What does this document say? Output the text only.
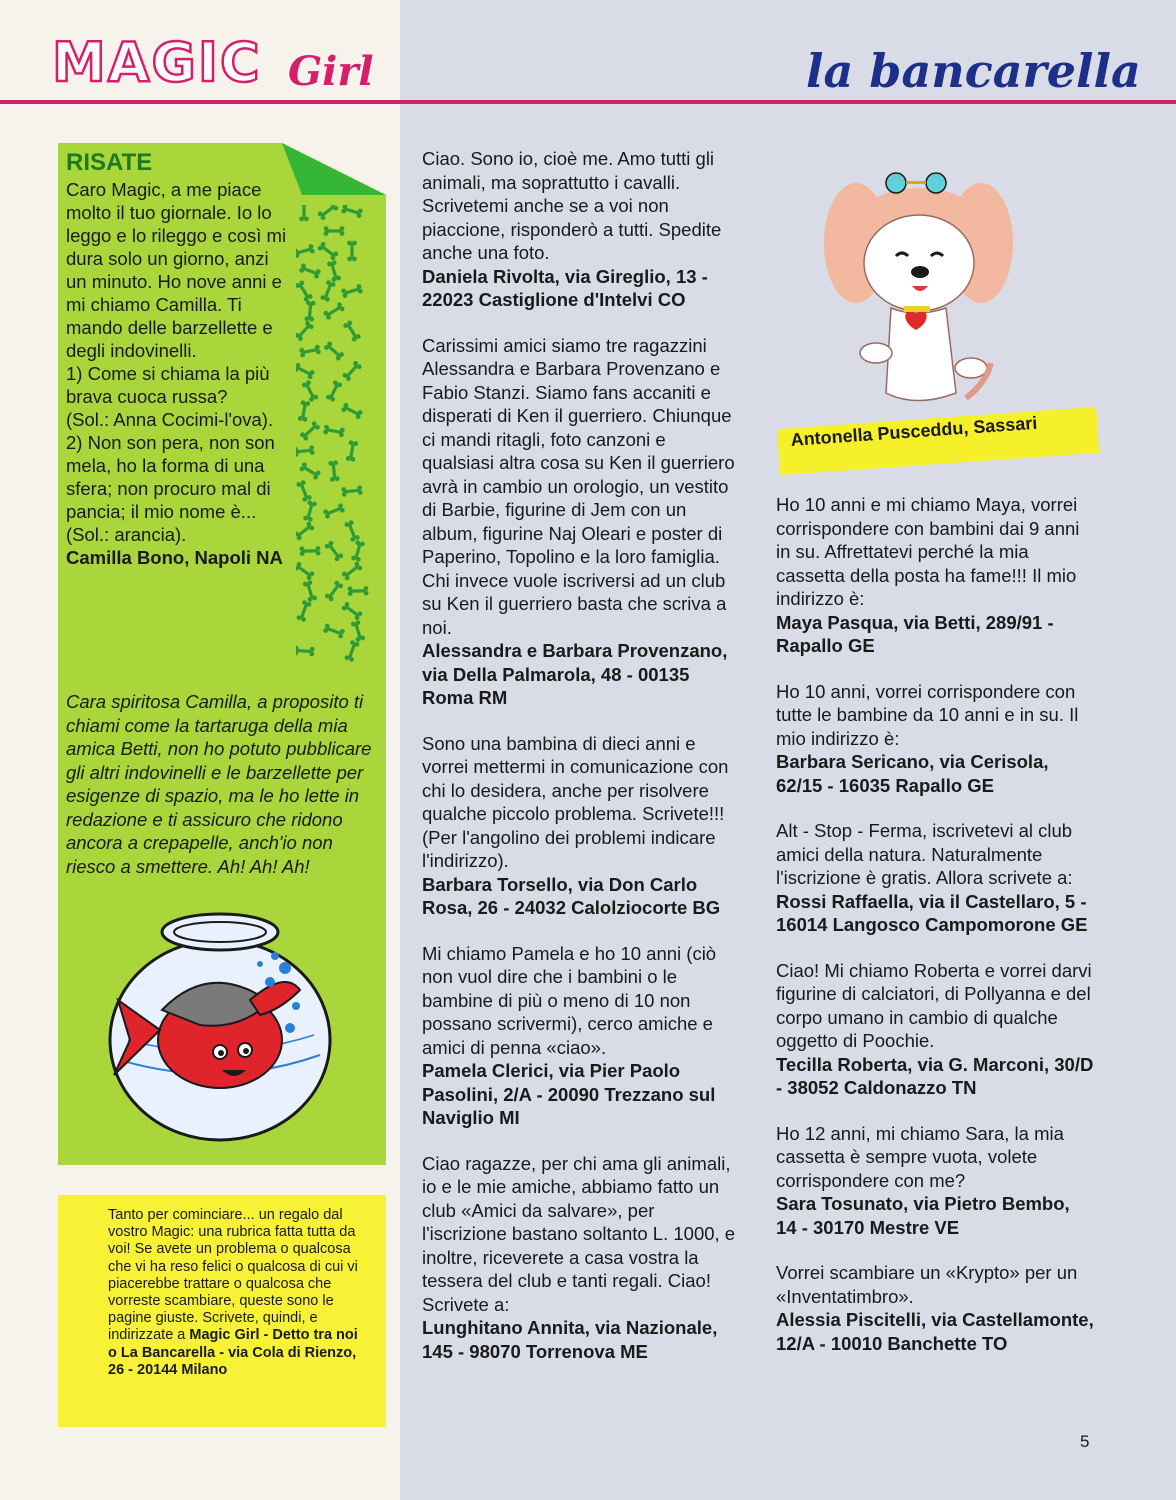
MAGIC Girl	la bancarella

RISATE

Caro Magic, a me piace molto il tuo giornale. Io lo leggo e lo rileggo e così mi dura solo un giorno, anzi un minuto. Ho nove anni e mi chiamo Camilla. Ti mando delle barzellette e degli indovinelli.

1) Come si chiama la più brava cuoca russa?

(Sol.: Anna Cocimi-l'ova).

2) Non son pera, non son mela, ho la forma di una sfera; non procuro mal di pancia; il mio nome è...

(Sol.: arancia).

Camilla Bono, Napoli NA

Cara spiritosa Camilla, a proposito ti chiami come la tartaruga della mia amica Betti, non ho potuto pubblicare gli altri indovinelli e le barzellette per esigenze di spazio, ma le ho lette in redazione e ti assicuro che ridono ancora a crepapelle, anch'io non riesco a smettere. Ah! Ah! Ah!
Tanto per cominciare... un regalo dal vostro Magic: una rubrica fatta tutta da voi! Se avete un problema o qualcosa che vi ha reso felici o qualcosa di cui vi piacerebbe trattare o qualcosa che vorreste scambiare, queste sono le pagine giuste. Scrivete, quindi, e indirizzate a Magic Girl - Detto tra noi o La Bancarella - via Cola di Rienzo, 26 - 20144 Milano

Ciao. Sono io, cioè me. Amo tutti gli animali, ma soprattutto i cavalli. Scrivetemi anche se a voi non piaccione, risponderò a tutti. Spedite anche una foto.

Daniela Rivolta, via Gireglio, 13 - 22023 Castiglione d'Intelvi CO

Carissimi amici siamo tre ragazzini Alessandra e Barbara Provenzano e Fabio Stanzi. Siamo fans accaniti e disperati di Ken il guerriero. Chiunque ci mandi ritagli, foto canzoni e qualsiasi altra cosa su Ken il guerriero avrà in cambio un orologio, un vestito di Barbie, figurine di Jem con un album, figurine Naj Oleari e poster di Paperino, Topolino e la loro famiglia. Chi invece vuole iscriversi ad un club su Ken il guerriero basta che scriva a noi.

Alessandra e Barbara Provenzano, via Della Palmarola, 48 - 00135 Roma RM

Sono una bambina di dieci anni e vorrei mettermi in comunicazione con chi lo desidera, anche per risolvere qualche piccolo problema. Scrivete!!! (Per l'angolino dei problemi indicare l'indirizzo).

Barbara Torsello, via Don Carlo Rosa, 26 - 24032 Calolziocorte BG

Mi chiamo Pamela e ho 10 anni (ciò non vuol dire che i bambini o le bambine di più o meno di 10 non possano scrivermi), cerco amiche e amici di penna «ciao».

Pamela Clerici, via Pier Paolo Pasolini, 2/A - 20090 Trezzano sul Naviglio MI

Ciao ragazze, per chi ama gli animali, io e le mie amiche, abbiamo fatto un club «Amici da salvare», per l'iscrizione bastano soltanto L. 1000, e inoltre, riceverete a casa vostra la tessera del club e tanti regali. Ciao! Scrivete a:

Lunghitano Annita, via Nazionale, 145 - 98070 Torrenova ME

Antonella Pusceddu, Sassari

Ho 10 anni e mi chiamo Maya, vorrei corrispondere con bambini dai 9 anni in su. Affrettatevi perché la mia cassetta della posta ha fame!!! Il mio indirizzo è:

Maya Pasqua, via Betti, 289/91 - Rapallo GE

Ho 10 anni, vorrei corrispondere con tutte le bambine da 10 anni e in su. Il mio indirizzo è:

Barbara Sericano, via Cerisola, 62/15 - 16035 Rapallo GE

Alt - Stop - Ferma, iscrivetevi al club amici della natura. Naturalmente l'iscrizione è gratis. Allora scrivete a:

Rossi Raffaella, via il Castellaro, 5 - 16014 Langosco Campomorone GE

Ciao! Mi chiamo Roberta e vorrei darvi figurine di calciatori, di Pollyanna e del corpo umano in cambio di qualche oggetto di Poochie.

Tecilla Roberta, via G. Marconi, 30/D - 38052 Caldonazzo TN

Ho 12 anni, mi chiamo Sara, la mia cassetta è sempre vuota, volete corrispondere con me?

Sara Tosunato, via Pietro Bembo, 14 - 30170 Mestre VE

Vorrei scambiare un «Krypto» per un «Inventatimbro».

Alessia Piscitelli, via Castellamonte, 12/A - 10010 Banchette TO

5
